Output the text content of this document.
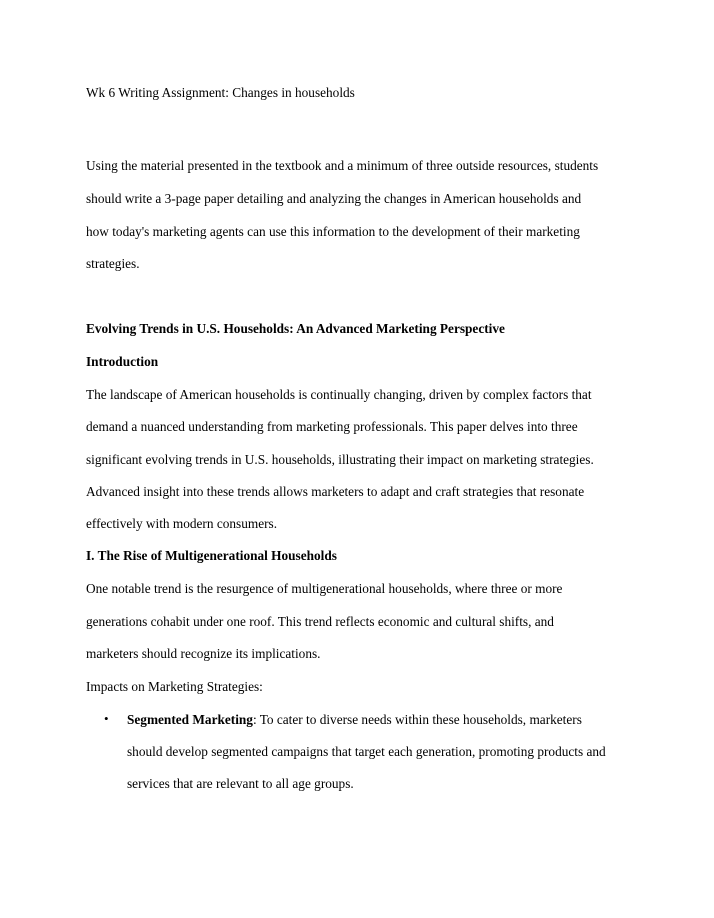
Wk 6 Writing Assignment: Changes in households
Using the material presented in the textbook and a minimum of three outside resources, students
should write a 3-page paper detailing and analyzing the changes in American households and
how today's marketing agents can use this information to the development of their marketing
strategies.
Evolving Trends in U.S. Households: An Advanced Marketing Perspective
Introduction
The landscape of American households is continually changing, driven by complex factors that
demand a nuanced understanding from marketing professionals. This paper delves into three
significant evolving trends in U.S. households, illustrating their impact on marketing strategies.
Advanced insight into these trends allows marketers to adapt and craft strategies that resonate
effectively with modern consumers.
I. The Rise of Multigenerational Households
One notable trend is the resurgence of multigenerational households, where three or more
generations cohabit under one roof. This trend reflects economic and cultural shifts, and
marketers should recognize its implications.
Impacts on Marketing Strategies:
• Segmented Marketing: To cater to diverse needs within these households, marketers
should develop segmented campaigns that target each generation, promoting products and
services that are relevant to all age groups.
